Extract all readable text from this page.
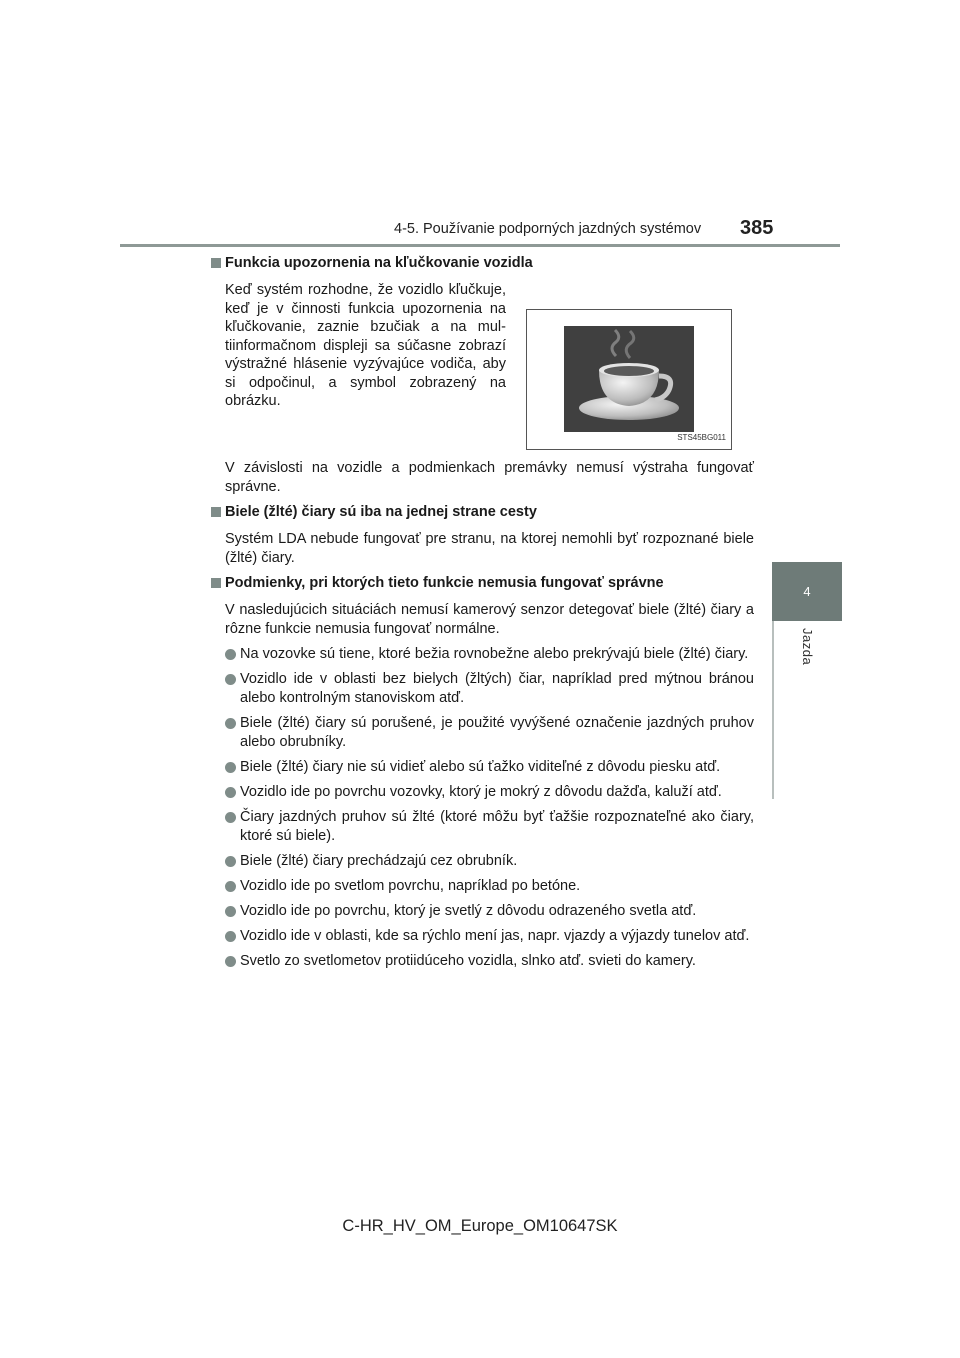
4-5. Používanie podporných jazdných systémov 385
4
Jazda
Funkcia upozornenia na kľučkovanie vozidla
Keď systém rozhodne, že vozidlo kľučkuje, keď je v činnosti funkcia upozornenia na kľučkovanie, zaznie bzučiak a na multiinformačnom displeji sa súčasne zobrazí výstražné hlásenie vyzývajúce vodiča, aby si odpočinul, a symbol zobrazený na obrázku.
STS45BG011
V závislosti na vozidle a podmienkach premávky nemusí výstraha fungovať správne.
Biele (žlté) čiary sú iba na jednej strane cesty
Systém LDA nebude fungovať pre stranu, na ktorej nemohli byť rozpoznané biele (žlté) čiary.
Podmienky, pri ktorých tieto funkcie nemusia fungovať správne
V nasledujúcich situáciách nemusí kamerový senzor detegovať biele (žlté) čiary a rôzne funkcie nemusia fungovať normálne.
Na vozovke sú tiene, ktoré bežia rovnobežne alebo prekrývajú biele (žlté) čiary.
Vozidlo ide v oblasti bez bielych (žltých) čiar, napríklad pred mýtnou bránou alebo kontrolným stanoviskom atď.
Biele (žlté) čiary sú porušené, je použité vyvýšené označenie jazdných pruhov alebo obrubníky.
Biele (žlté) čiary nie sú vidieť alebo sú ťažko viditeľné z dôvodu piesku atď.
Vozidlo ide po povrchu vozovky, ktorý je mokrý z dôvodu dažďa, kaluží atď.
Čiary jazdných pruhov sú žlté (ktoré môžu byť ťažšie rozpoznateľné ako čiary, ktoré sú biele).
Biele (žlté) čiary prechádzajú cez obrubník.
Vozidlo ide po svetlom povrchu, napríklad po betóne.
Vozidlo ide po povrchu, ktorý je svetlý z dôvodu odrazeného svetla atď.
Vozidlo ide v oblasti, kde sa rýchlo mení jas, napr. vjazdy a výjazdy tunelov atď.
Svetlo zo svetlometov protiidúceho vozidla, slnko atď. svieti do kamery.
C-HR_HV_OM_Europe_OM10647SK
